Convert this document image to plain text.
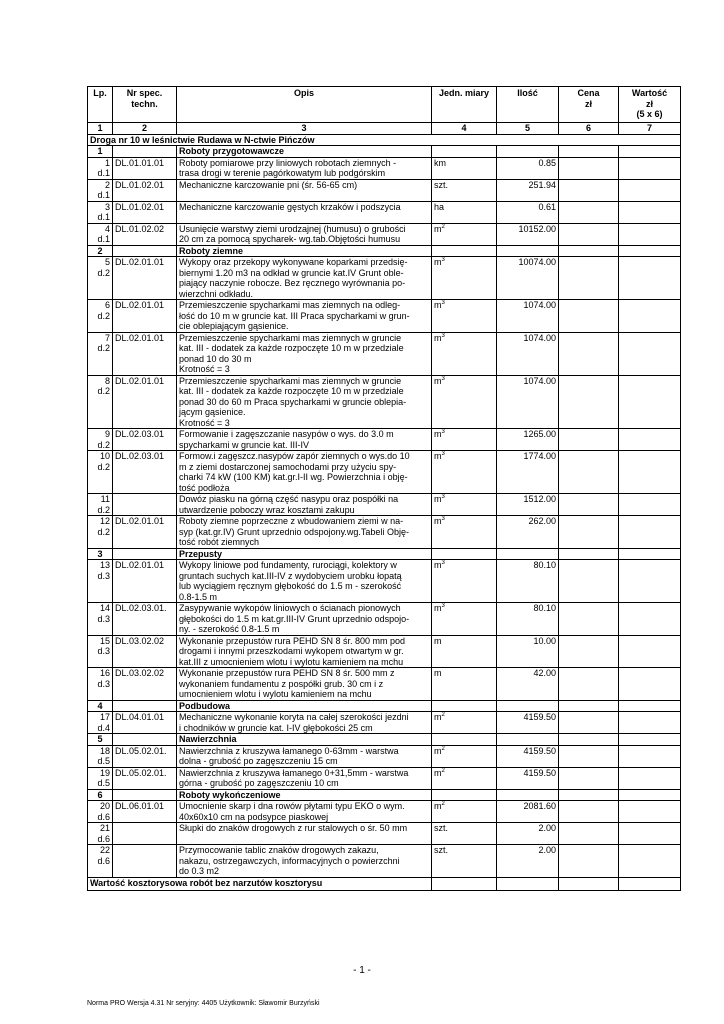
Lp.	Nr spec.
techn.	Opis	Jedn. miary	Ilość	Cena
zł	Wartość
zł
(5 x 6)
1	2	3	4	5	6	7
Droga nr 10 w leśnictwie Rudawa w N-ctwie Pińczów						
1		Roboty przygotowawcze				
1
d.1	DL.01.01.01	Roboty pomiarowe przy liniowych robotach ziemnych -
trasa drogi w terenie pagórkowatym lub podgórskim	km	0.85		
2
d.1	DL.01.02.01	Mechaniczne karczowanie pni (śr. 56-65 cm)	szt.	251.94		
3
d.1	DL.01.02.01	Mechaniczne karczowanie gęstych krzaków i podszycia	ha	0.61		
4
d.1	DL.01.02.02	Usunięcie warstwy ziemi urodzajnej (humusu) o grubości
20 cm za pomocą spycharek- wg.tab.Objętości humusu	$m^2$	10152.00		
2		Roboty ziemne				
5
d.2	DL.02.01.01	Wykopy oraz przekopy wykonywane koparkami przedsię-
biernymi 1.20 m3 na odkład w gruncie kat.IV Grunt oble-
piający naczynie robocze. Bez ręcznego wyrównania po-
wierzchni odkładu.	$m^3$	10074.00		
6
d.2	DL.02.01.01	Przemieszczenie spycharkami mas ziemnych na odleg-
łość do 10 m w gruncie kat. III Praca spycharkami w grun-
cie oblepiającym gąsienice.	$m^3$	1074.00		
7
d.2	DL.02.01.01	Przemieszczenie spycharkami mas ziemnych w gruncie
kat. III - dodatek za każde rozpoczęte 10 m w przedziale
ponad 10 do 30 m
Krotność = 3	$m^3$	1074.00		
8
d.2	DL.02.01.01	Przemieszczenie spycharkami mas ziemnych w gruncie
kat. III - dodatek za każde rozpoczęte 10 m w przedziale
ponad 30 do 60 m Praca spycharkami w gruncie oblepia-
jącym gąsienice.
Krotność = 3	$m^3$	1074.00		
9
d.2	DL.02.03.01	Formowanie i zagęszczanie nasypów o wys. do 3.0 m
spycharkami w gruncie kat. III-IV	$m^3$	1265.00		
10
d.2	DL.02.03.01	Formow.i zagęszcz.nasypów zapór ziemnych o wys.do 10
m z ziemi dostarczonej samochodami przy użyciu spy-
charki 74 kW (100 KM) kat.gr.I-II wg. Powierzchnia i obję-
tość podłoża	$m^3$	1774.00		
11
d.2		Dowóz piasku na górną część nasypu oraz pospółki na
utwardzenie poboczy wraz kosztami zakupu	$m^3$	1512.00		
12
d.2	DL.02.01.01	Roboty ziemne poprzeczne z wbudowaniem ziemi w na-
syp (kat.gr.IV) Grunt uprzednio odspojony.wg.Tabeli Obję-
tość robót ziemnych	$m^3$	262.00		
3		Przepusty				
13
d.3	DL.02.01.01	Wykopy liniowe pod fundamenty, rurociągi, kolektory w
gruntach suchych kat.III-IV z wydobyciem urobku łopatą
lub wyciągiem ręcznym głębokość do 1.5 m - szerokość
0.8-1.5 m	$m^3$	80.10		
14
d.3	DL.02.03.01.	Zasypywanie wykopów liniowych o ścianach pionowych
głębokości do 1.5 m kat.gr.III-IV Grunt uprzednio odspojo-
ny. - szerokość 0.8-1.5 m	$m^3$	80.10		
15
d.3	DL.03.02.02	Wykonanie przepustów rura PEHD SN 8 śr. 800 mm pod
drogami i innymi przeszkodami wykopem otwartym w gr.
kat.III z umocnieniem wlotu i wylotu kamieniem na mchu	m	10.00		
16
d.3	DL.03.02.02	Wykonanie przepustów rura PEHD SN 8 śr. 500 mm z
wykonaniem fundamentu z pospółki grub. 30 cm i z
umocnieniem wlotu i wylotu kamieniem na mchu	m	42.00		
4		Podbudowa				
17
d.4	DL.04.01.01	Mechaniczne wykonanie koryta na całej szerokości jezdni
i chodników w gruncie kat. I-IV głębokości 25 cm	$m^2$	4159.50		
5		Nawierzchnia				
18
d.5	DL.05.02.01.	Nawierzchnia z kruszywa łamanego 0-63mm - warstwa
dolna - grubość po zagęszczeniu 15 cm	$m^2$	4159.50		
19
d.5	DL.05.02.01.	Nawierzchnia z kruszywa łamanego 0+31,5mm - warstwa
górna - grubość po zagęszczeniu 10 cm	$m^2$	4159.50		
6		Roboty wykończeniowe				
20
d.6	DL.06.01.01	Umocnienie skarp i dna rowów płytami typu EKO o wym.
40x60x10 cm na podsypce piaskowej	$m^2$	2081.60		
21
d.6		Słupki do znaków drogowych z rur stalowych o śr. 50 mm	szt.	2.00		
22
d.6		Przymocowanie tablic znaków drogowych zakazu,
nakazu, ostrzegawczych, informacyjnych o powierzchni
do 0.3 m2	szt.	2.00		
Wartość kosztorysowa robót bez narzutów kosztorysu						
- 1 -
Norma PRO Wersja 4.31 Nr seryjny: 4405 Użytkownik: Sławomir Burzyński
